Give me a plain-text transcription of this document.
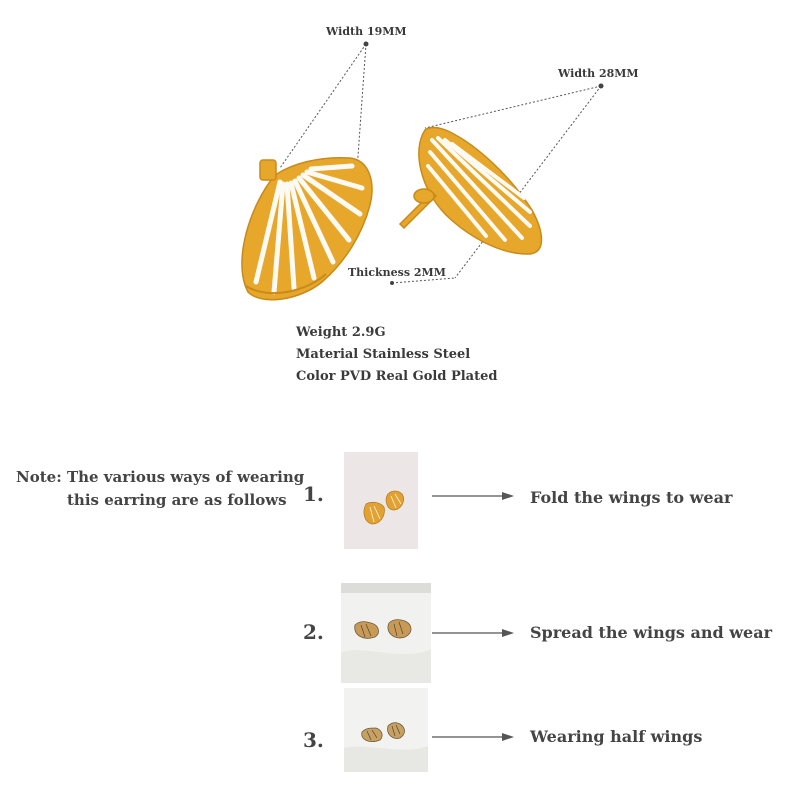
Width 19MM
Width 28MM
Thickness 2MM
Weight 2.9G
Material Stainless Steel
Color PVD Real Gold Plated
Note: The various ways of wearing
this earring are as follows 1.	Fold the wings to wear
2.	Spread the wings and wear
3.	Wearing half wings
